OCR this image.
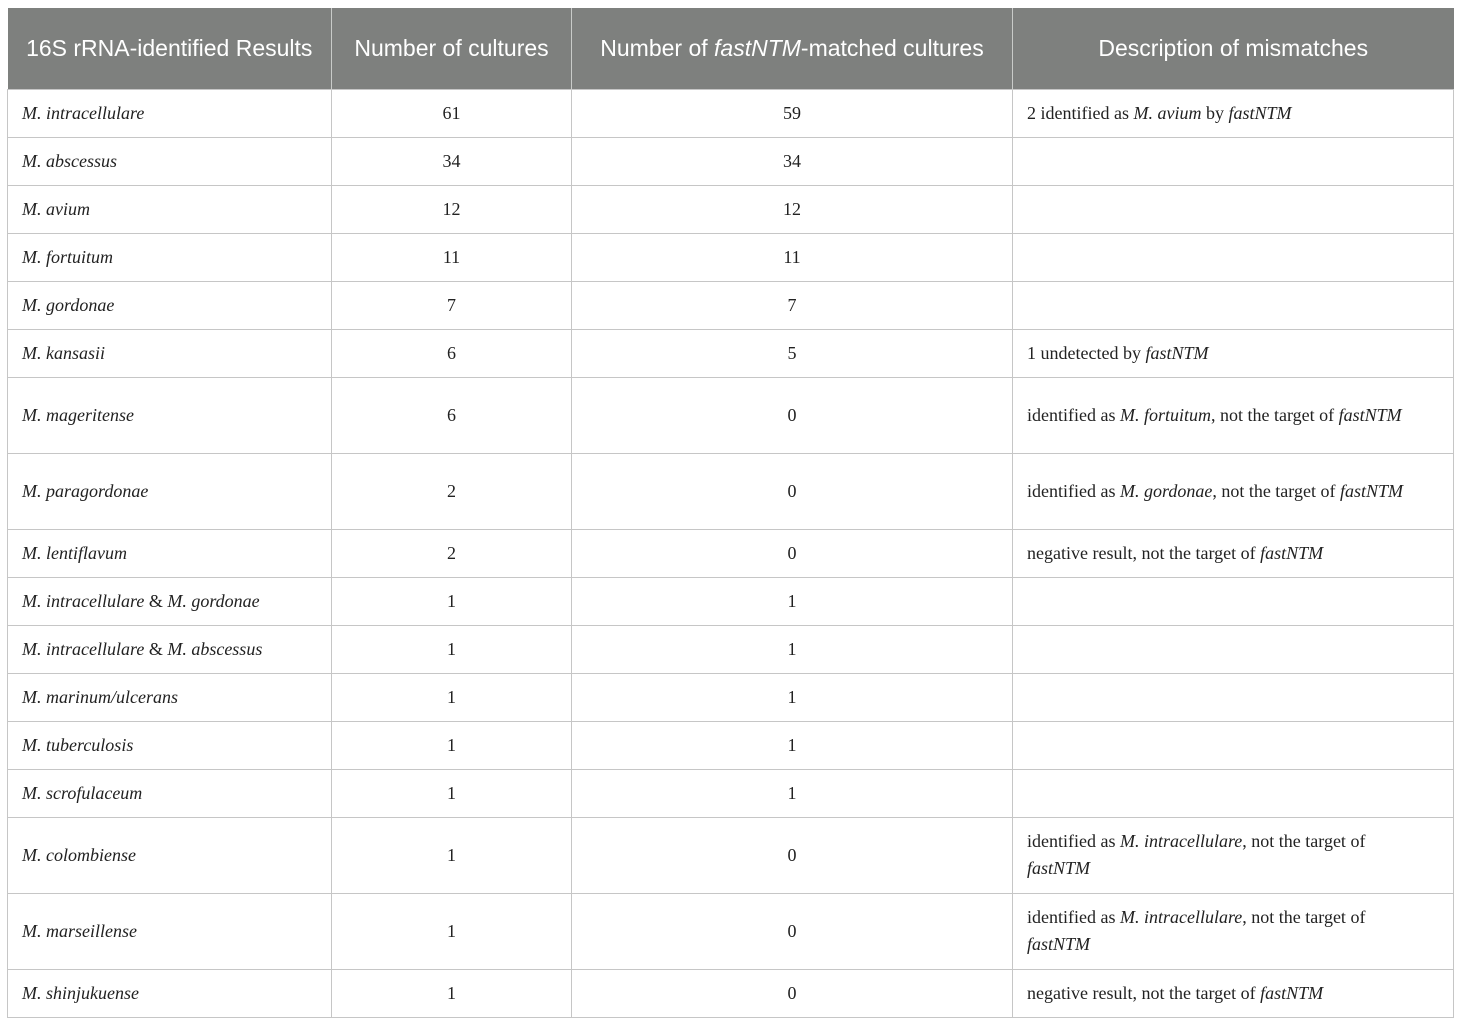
16S rRNA-identified Results	Number of cultures	Number of fastNTM-matched cultures	Description of mismatches
M. intracellulare	61	59	2 identified as M. avium by fastNTM
M. abscessus	34	34	
M. avium	12	12	
M. fortuitum	11	11	
M. gordonae	7	7	
M. kansasii	6	5	1 undetected by fastNTM
M. mageritense	6	0	identified as M. fortuitum, not the target of fastNTM
M. paragordonae	2	0	identified as M. gordonae, not the target of fastNTM
M. lentiflavum	2	0	negative result, not the target of fastNTM
M. intracellulare & M. gordonae	1	1	
M. intracellulare & M. abscessus	1	1	
M. marinum/ulcerans	1	1	
M. tuberculosis	1	1	
M. scrofulaceum	1	1	
M. colombiense	1	0	identified as M. intracellulare, not the target of fastNTM
M. marseillense	1	0	identified as M. intracellulare, not the target of fastNTM
M. shinjukuense	1	0	negative result, not the target of fastNTM
